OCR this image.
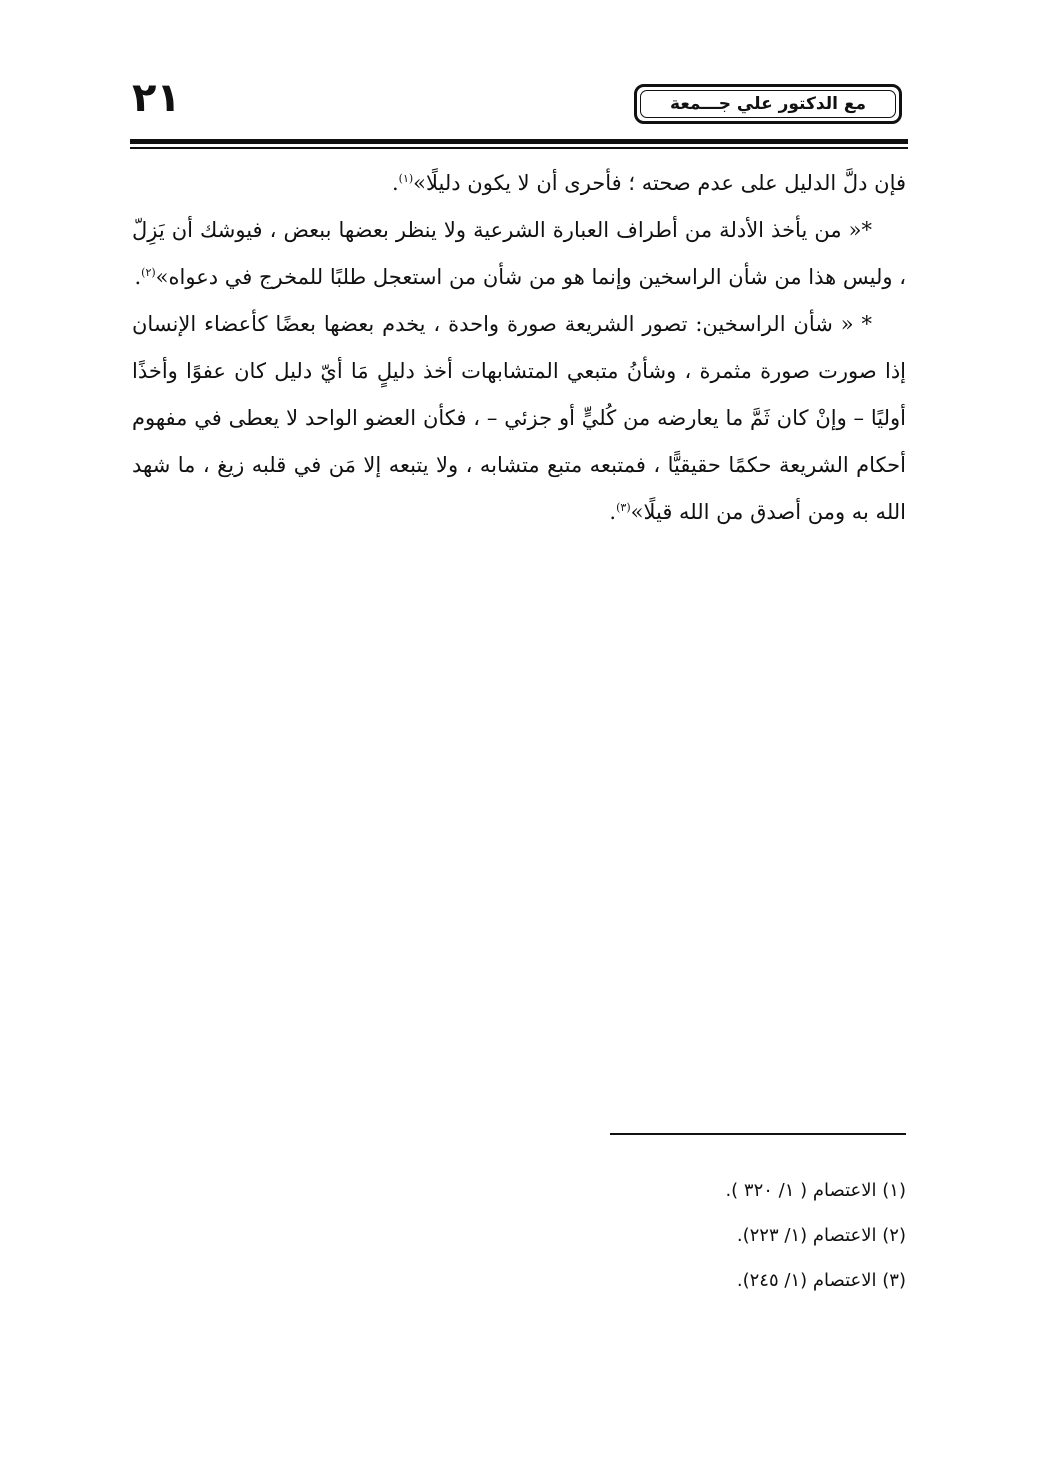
٢١	مع الدكتور علي جـــمعة

فإن دلَّ الدليل على عدم صحته ؛ فأحرى أن لا يكون دليلًا»$^{(١)}$.

*« من يأخذ الأدلة من أطراف العبارة الشرعية ولا ينظر بعضها ببعض ، فيوشك أن يَزِلّ ، وليس هذا من شأن الراسخين وإنما هو من شأن من استعجل طلبًا للمخرج في دعواه»$^{(٢)}$.

* « شأن الراسخين: تصور الشريعة صورة واحدة ، يخدم بعضها بعضًا كأعضاء الإنسان إذا صورت صورة مثمرة ، وشأنُ متبعي المتشابهات أخذ دليلٍ مَا أيّ دليل كان عفوًا وأخذًا أوليًا – وإنْ كان ثَمَّ ما يعارضه من كُليٍّ أو جزئي – ، فكأن العضو الواحد لا يعطى في مفهوم أحكام الشريعة حكمًا حقيقيًّا ، فمتبعه متبع متشابه ، ولا يتبعه إلا مَن في قلبه زيغ ، ما شهد الله به ومن أصدق من الله قيلًا»$^{(٣)}$.

(١) الاعتصام ( ١/ ٣٢٠ ).
(٢) الاعتصام (١/ ٢٢٣).
(٣) الاعتصام (١/ ٢٤٥).
